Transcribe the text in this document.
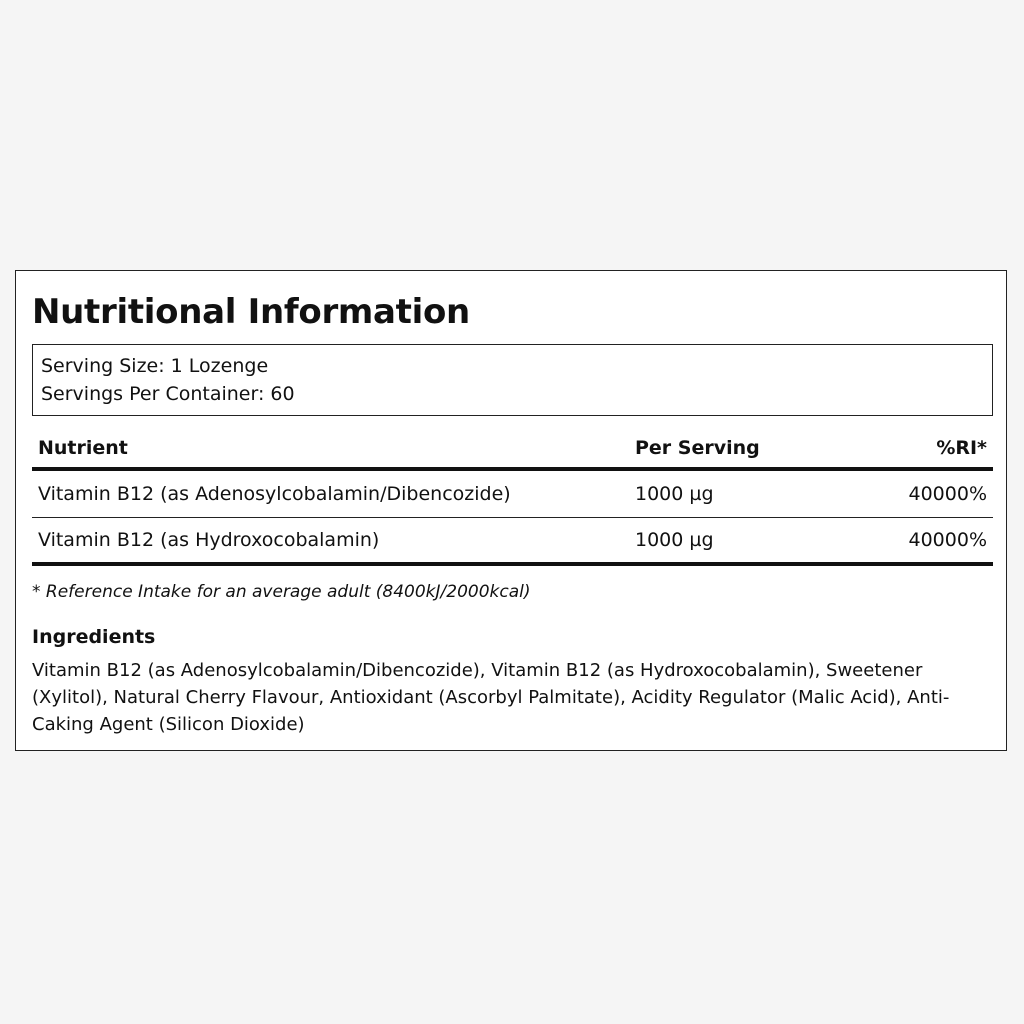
Nutritional Information
Serving Size: 1 Lozenge
Servings Per Container: 60
Nutrient	Per Serving	%RI*
Vitamin B12 (as Adenosylcobalamin/Dibencozide)	1000 µg	40000%
Vitamin B12 (as Hydroxocobalamin)	1000 µg	40000%
* Reference Intake for an average adult (8400kJ/2000kcal)
Ingredients

Vitamin B12 (as Adenosylcobalamin/Dibencozide), Vitamin B12 (as Hydroxocobalamin), Sweetener (Xylitol), Natural Cherry Flavour, Antioxidant (Ascorbyl Palmitate), Acidity Regulator (Malic Acid), Anti-Caking Agent (Silicon Dioxide)
